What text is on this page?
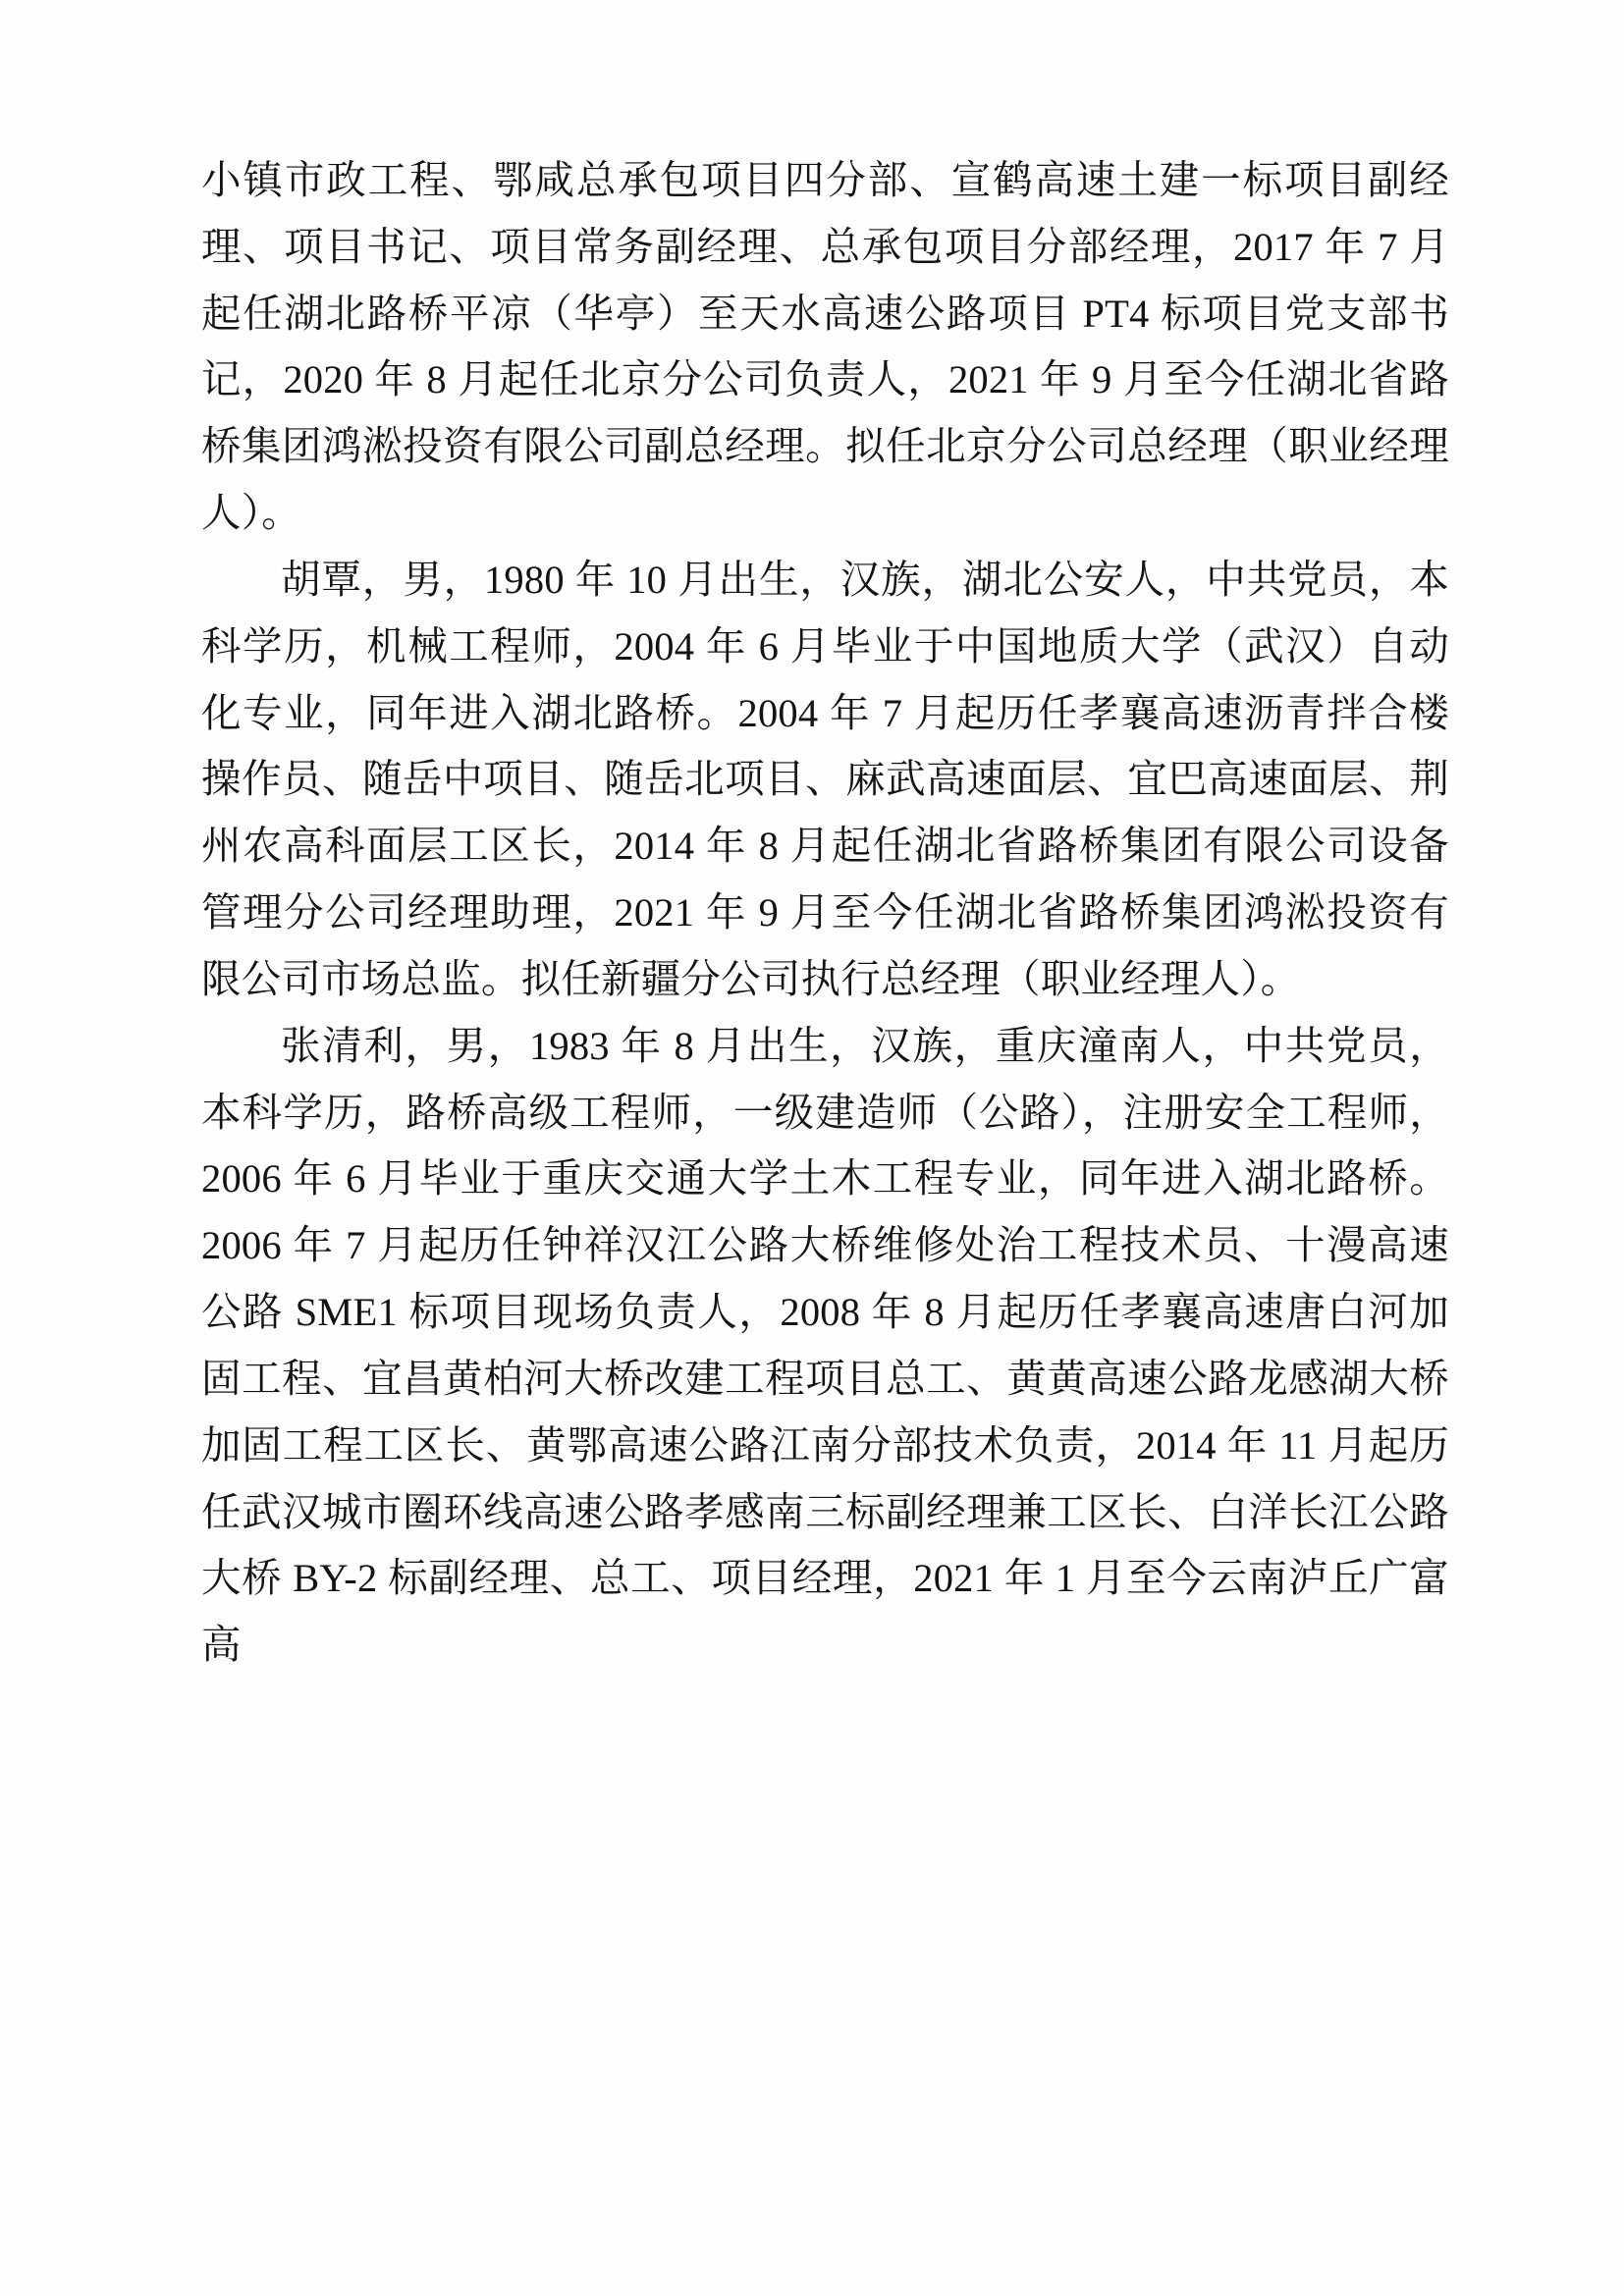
小镇市政工程、鄂咸总承包项目四分部、宣鹤高速土建一标项目副经理、项目书记、项目常务副经理、总承包项目分部经理，2017 年 7 月起任湖北路桥平凉（华亭）至天水高速公路项目 PT4 标项目党支部书记，2020 年 8 月起任北京分公司负责人，2021 年 9 月至今任湖北省路桥集团鸿淞投资有限公司副总经理。拟任北京分公司总经理（职业经理人）。

胡覃，男，1980 年 10 月出生，汉族，湖北公安人，中共党员，本科学历，机械工程师，2004 年 6 月毕业于中国地质大学（武汉）自动化专业，同年进入湖北路桥。2004 年 7 月起历任孝襄高速沥青拌合楼操作员、随岳中项目、随岳北项目、麻武高速面层、宜巴高速面层、荆州农高科面层工区长，2014 年 8 月起任湖北省路桥集团有限公司设备管理分公司经理助理，2021 年 9 月至今任湖北省路桥集团鸿淞投资有限公司市场总监。拟任新疆分公司执行总经理（职业经理人）。

张清利，男，1983 年 8 月出生，汉族，重庆潼南人，中共党员，本科学历，路桥高级工程师，一级建造师（公路），注册安全工程师，2006 年 6 月毕业于重庆交通大学土木工程专业，同年进入湖北路桥。2006 年 7 月起历任钟祥汉江公路大桥维修处治工程技术员、十漫高速公路 SME1 标项目现场负责人，2008 年 8 月起历任孝襄高速唐白河加固工程、宜昌黄柏河大桥改建工程项目总工、黄黄高速公路龙感湖大桥加固工程工区长、黄鄂高速公路江南分部技术负责，2014 年 11 月起历任武汉城市圈环线高速公路孝感南三标副经理兼工区长、白洋长江公路大桥 BY-2 标副经理、总工、项目经理，2021 年 1 月至今云南泸丘广富高
